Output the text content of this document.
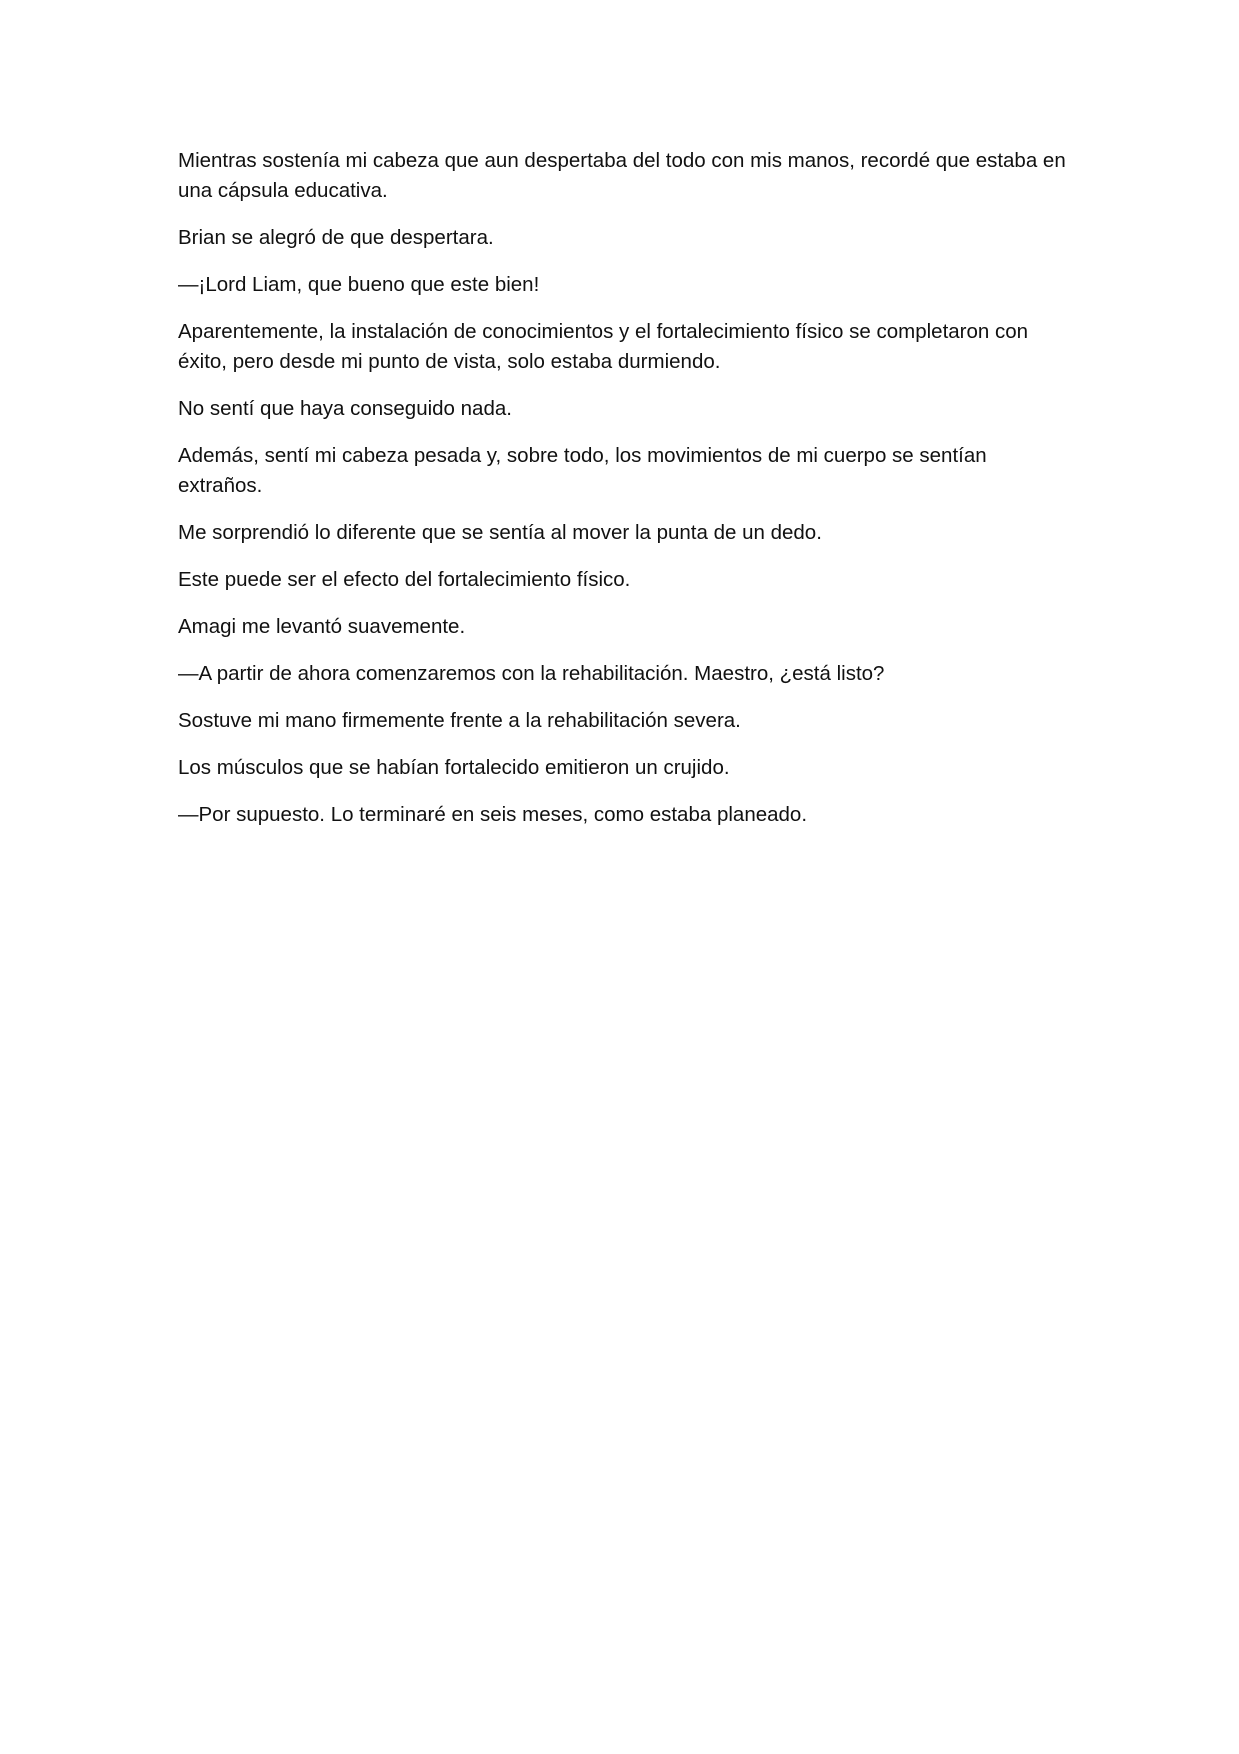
Mientras sostenía mi cabeza que aun despertaba del todo con mis manos, recordé que estaba en una cápsula educativa.

Brian se alegró de que despertara.

—¡Lord Liam, que bueno que este bien!

Aparentemente, la instalación de conocimientos y el fortalecimiento físico se completaron con éxito, pero desde mi punto de vista, solo estaba durmiendo.

No sentí que haya conseguido nada.

Además, sentí mi cabeza pesada y, sobre todo, los movimientos de mi cuerpo se sentían extraños.

Me sorprendió lo diferente que se sentía al mover la punta de un dedo.

Este puede ser el efecto del fortalecimiento físico.

Amagi me levantó suavemente.

—A partir de ahora comenzaremos con la rehabilitación. Maestro, ¿está listo?

Sostuve mi mano firmemente frente a la rehabilitación severa.

Los músculos que se habían fortalecido emitieron un crujido.

—Por supuesto. Lo terminaré en seis meses, como estaba planeado.
